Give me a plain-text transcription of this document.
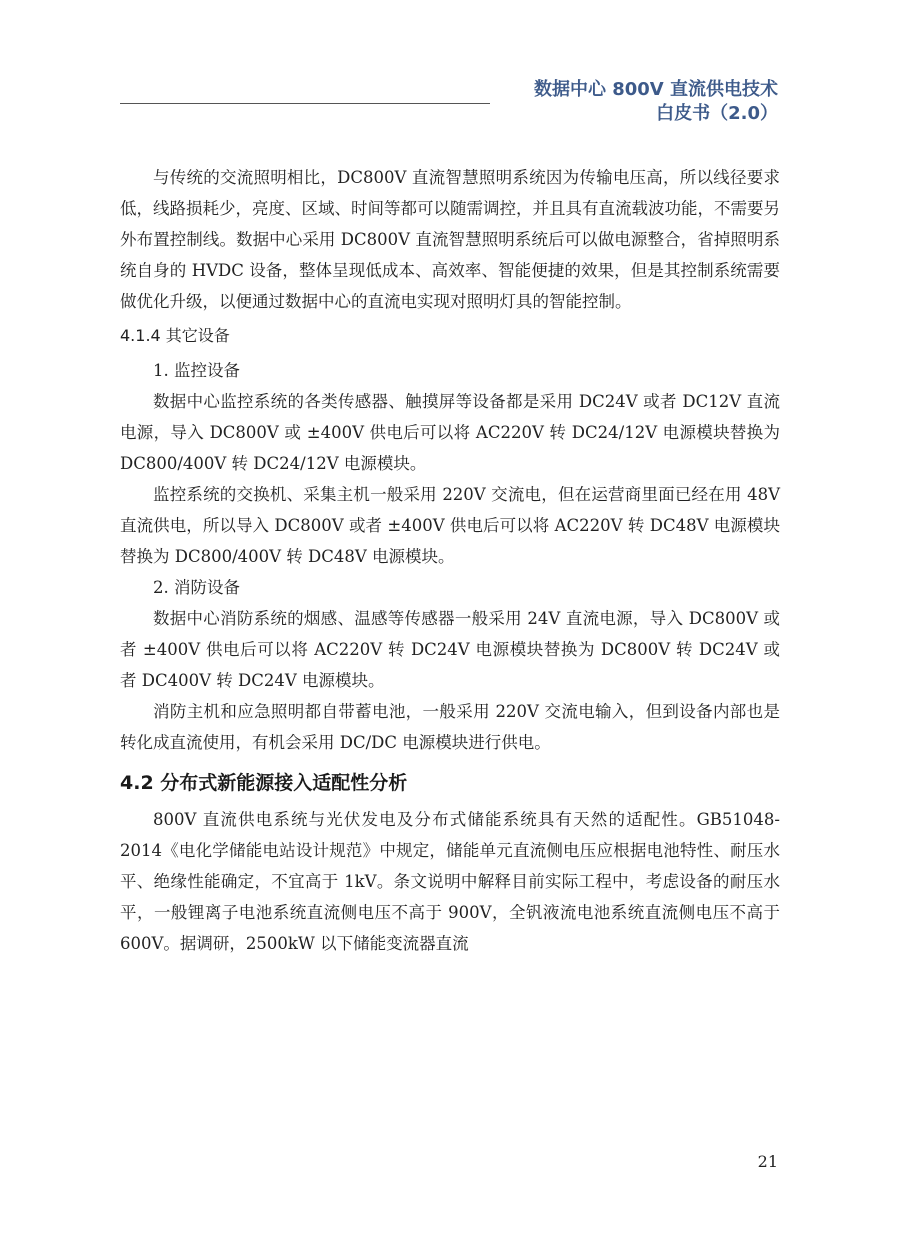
数据中心 800V 直流供电技术
白皮书（2.0）

与传统的交流照明相比，DC800V 直流智慧照明系统因为传输电压高，所以线径要求低，线路损耗少，亮度、区域、时间等都可以随需调控，并且具有直流载波功能，不需要另外布置控制线。数据中心采用 DC800V 直流智慧照明系统后可以做电源整合，省掉照明系统自身的 HVDC 设备，整体呈现低成本、高效率、智能便捷的效果，但是其控制系统需要做优化升级，以便通过数据中心的直流电实现对照明灯具的智能控制。

4.1.4 其它设备

1. 监控设备

数据中心监控系统的各类传感器、触摸屏等设备都是采用 DC24V 或者 DC12V 直流电源，导入 DC800V 或 ±400V 供电后可以将 AC220V 转 DC24/12V 电源模块替换为 DC800/400V 转 DC24/12V 电源模块。

监控系统的交换机、采集主机一般采用 220V 交流电，但在运营商里面已经在用 48V 直流供电，所以导入 DC800V 或者 ±400V 供电后可以将 AC220V 转 DC48V 电源模块替换为 DC800/400V 转 DC48V 电源模块。

2. 消防设备

数据中心消防系统的烟感、温感等传感器一般采用 24V 直流电源，导入 DC800V 或者 ±400V 供电后可以将 AC220V 转 DC24V 电源模块替换为 DC800V 转 DC24V 或者 DC400V 转 DC24V 电源模块。

消防主机和应急照明都自带蓄电池，一般采用 220V 交流电输入，但到设备内部也是转化成直流使用，有机会采用 DC/DC 电源模块进行供电。

4.2 分布式新能源接入适配性分析

800V 直流供电系统与光伏发电及分布式储能系统具有天然的适配性。GB51048-2014《电化学储能电站设计规范》中规定，储能单元直流侧电压应根据电池特性、耐压水平、绝缘性能确定，不宜高于 1kV。条文说明中解释目前实际工程中，考虑设备的耐压水平，一般锂离子电池系统直流侧电压不高于 900V，全钒液流电池系统直流侧电压不高于 600V。据调研，2500kW 以下储能变流器直流

21
